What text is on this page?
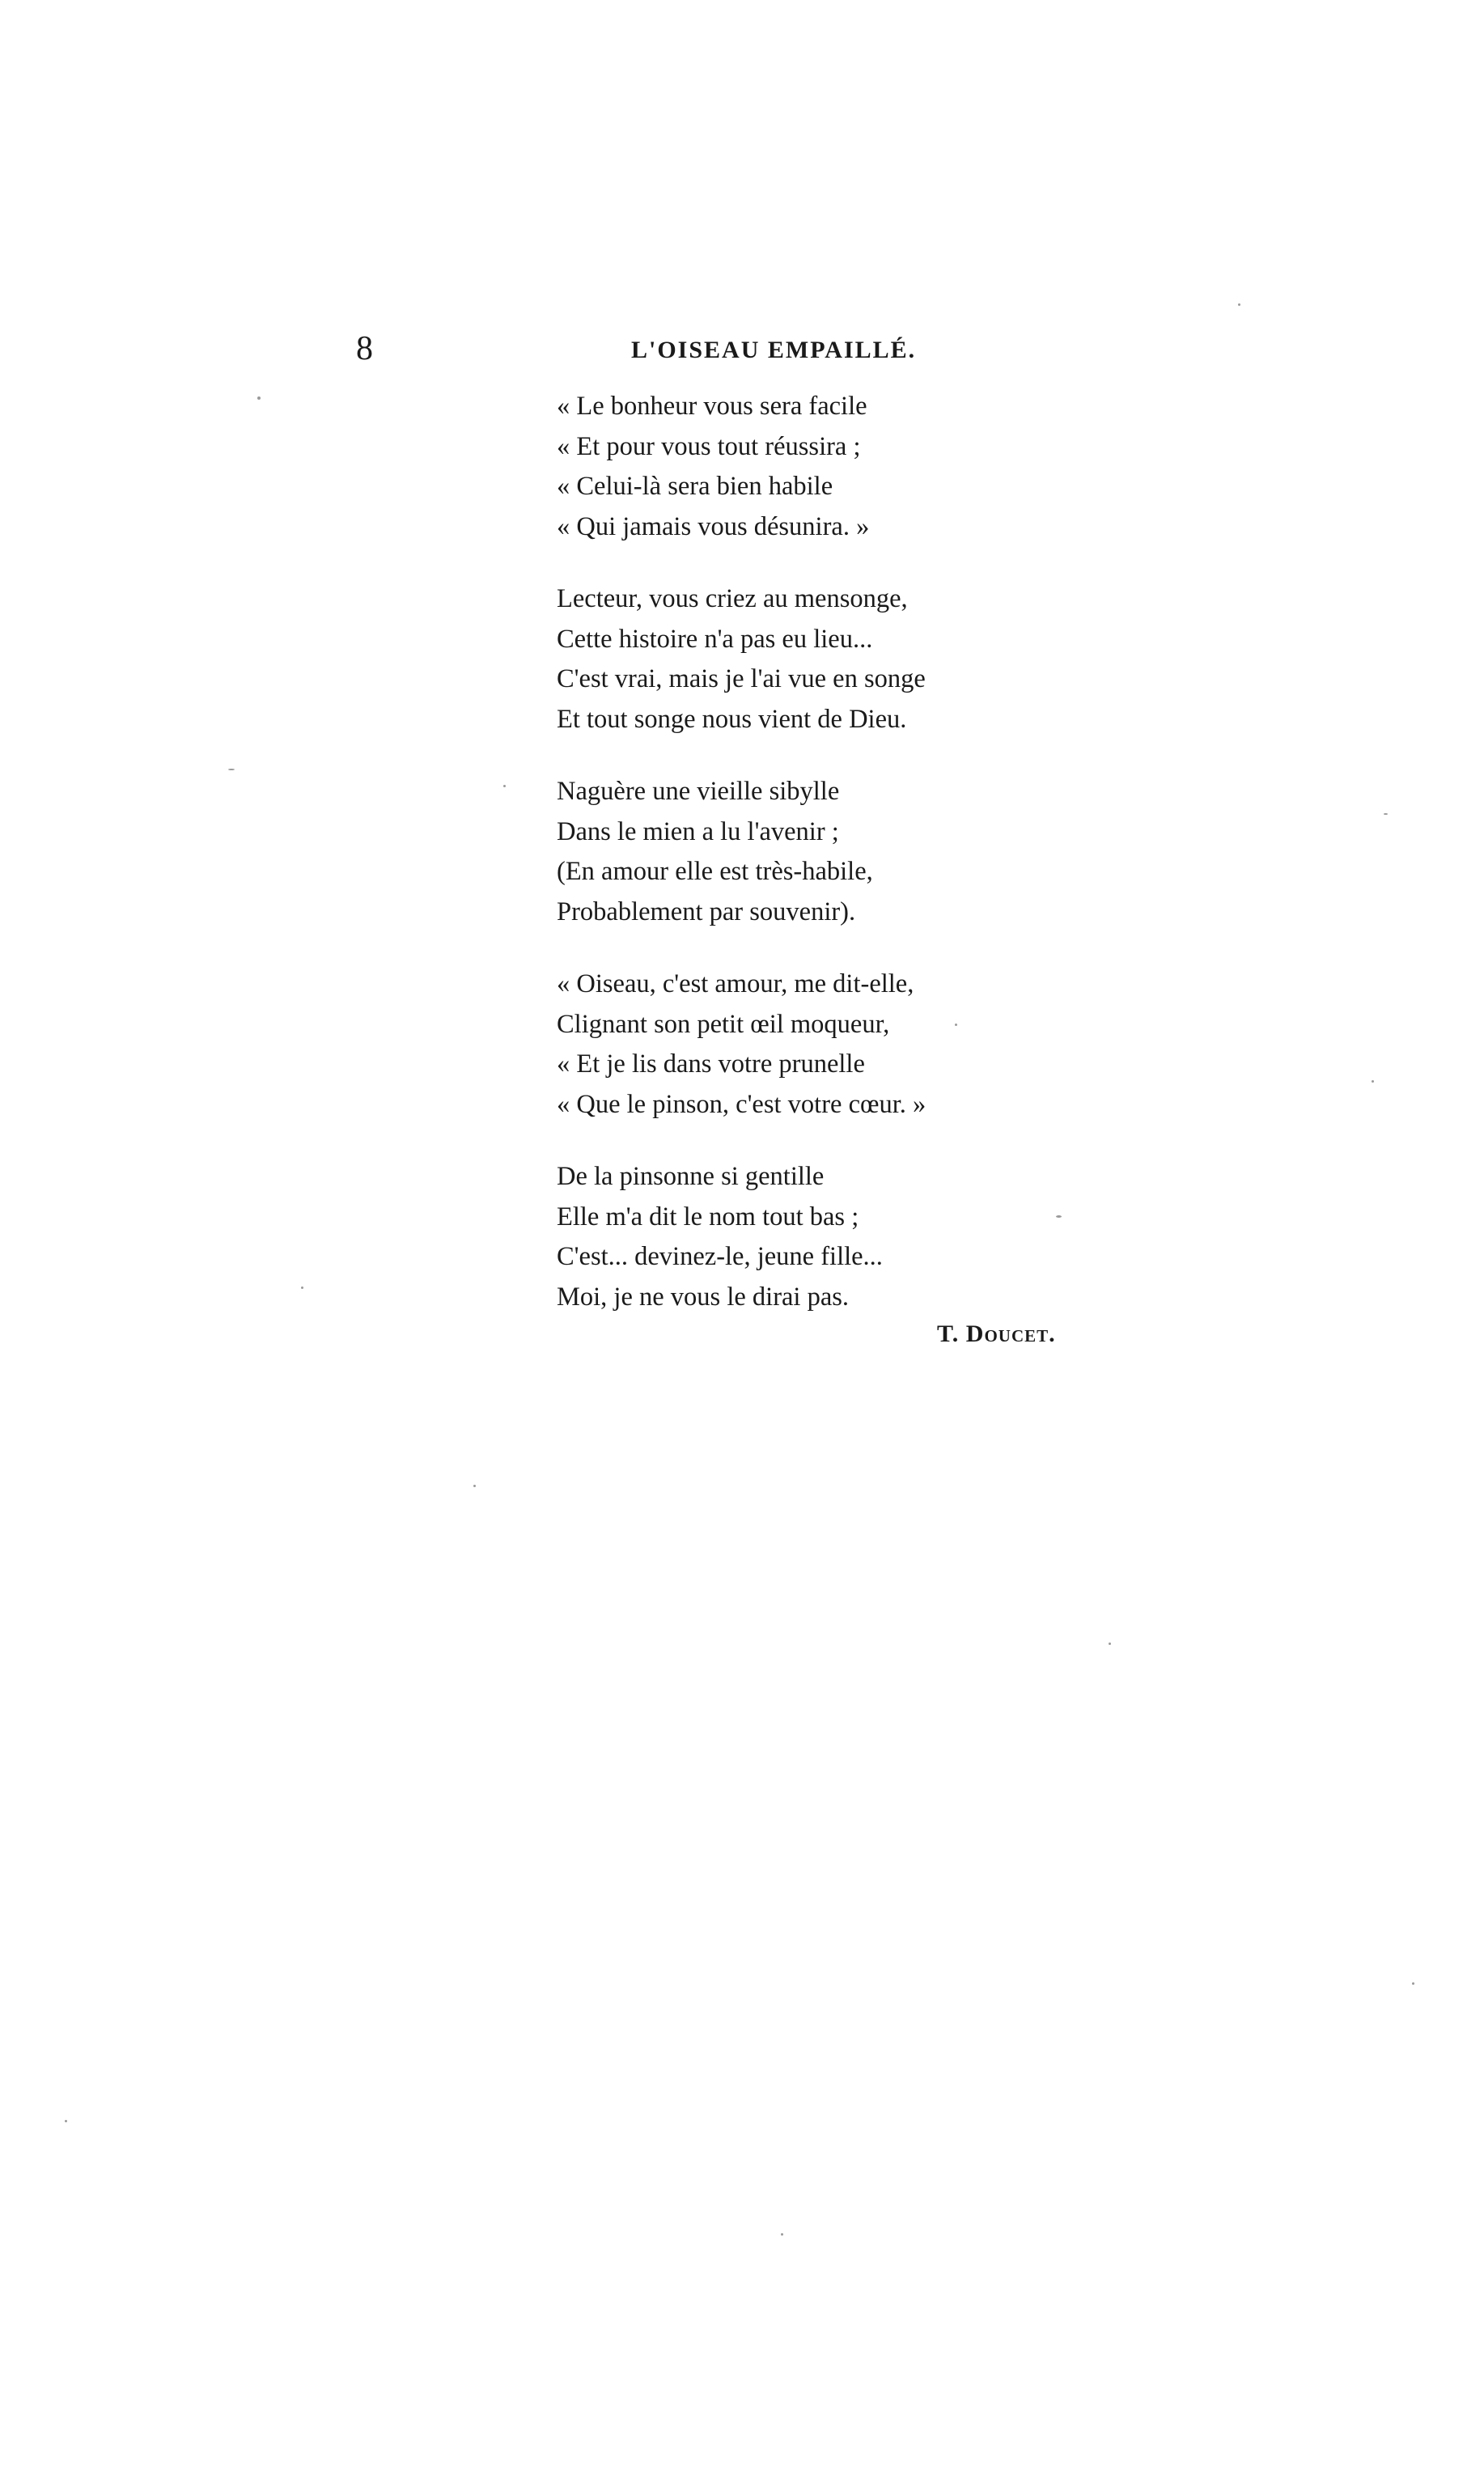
8	L'OISEAU EMPAILLÉ.
« Le bonheur vous sera facile
« Et pour vous tout réussira ;
« Celui-là sera bien habile
« Qui jamais vous désunira. »
Lecteur, vous criez au mensonge,
Cette histoire n'a pas eu lieu...
C'est vrai, mais je l'ai vue en songe
Et tout songe nous vient de Dieu.
Naguère une vieille sibylle
Dans le mien a lu l'avenir ;
(En amour elle est très-habile,
Probablement par souvenir).
« Oiseau, c'est amour, me dit-elle,
Clignant son petit œil moqueur,
« Et je lis dans votre prunelle
« Que le pinson, c'est votre cœur. »
De la pinsonne si gentille
Elle m'a dit le nom tout bas ;
C'est... devinez-le, jeune fille...
Moi, je ne vous le dirai pas.
T. Doucet.
